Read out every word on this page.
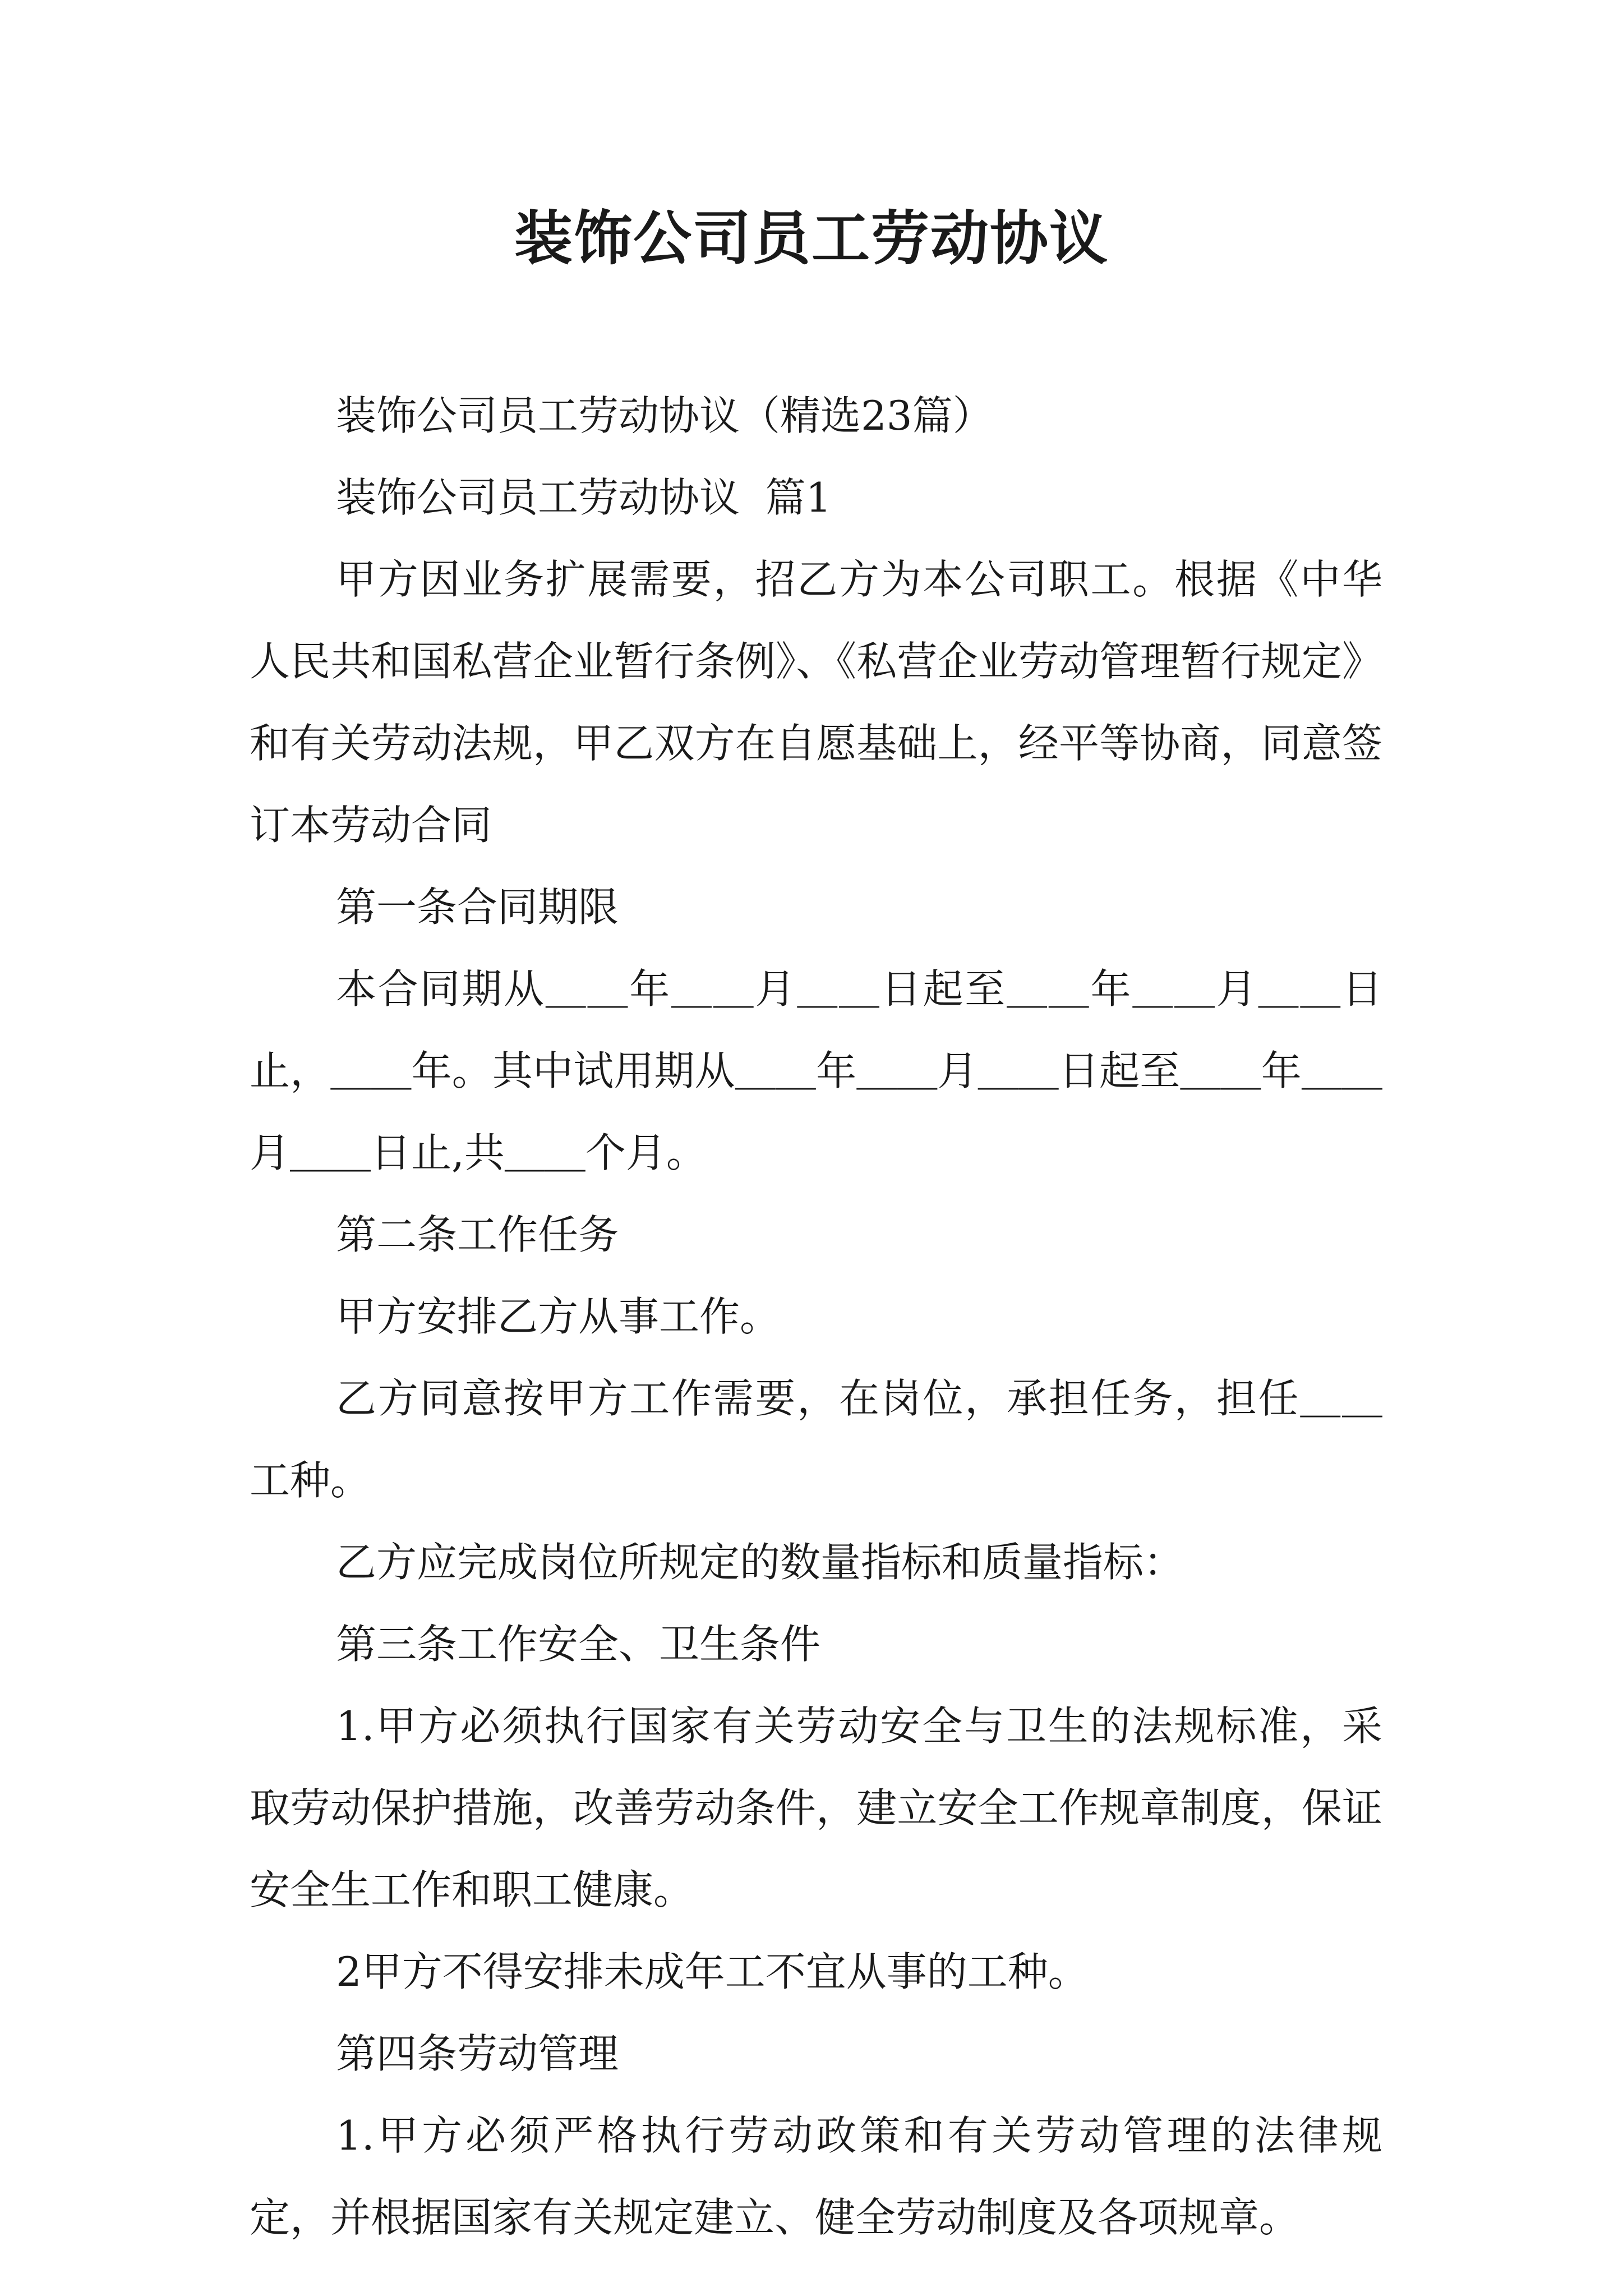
装饰公司员工劳动协议

装饰公司员工劳动协议（精选23篇）

装饰公司员工劳动协议  篇1

甲方因业务扩展需要，招乙方为本公司职工。根据《中华人民共和国私营企业暂行条例》、《私营企业劳动管理暂行规定》和有关劳动法规，甲乙双方在自愿基础上，经平等协商，同意签订本劳动合同

第一条合同期限

本合同期从＿＿年＿＿月＿＿日起至＿＿年＿＿月＿＿日止，＿＿年。其中试用期从＿＿年＿＿月＿＿日起至＿＿年＿＿月＿＿日止,共＿＿个月。

第二条工作任务

甲方安排乙方从事工作。

乙方同意按甲方工作需要，在岗位，承担任务，担任＿＿工种。

乙方应完成岗位所规定的数量指标和质量指标：

第三条工作安全、卫生条件

1.甲方必须执行国家有关劳动安全与卫生的法规标准，采取劳动保护措施，改善劳动条件，建立安全工作规章制度，保证安全生工作和职工健康。

2甲方不得安排未成年工不宜从事的工种。

第四条劳动管理

1.甲方必须严格执行劳动政策和有关劳动管理的法律规定，并根据国家有关规定建立、健全劳动制度及各项规章。
